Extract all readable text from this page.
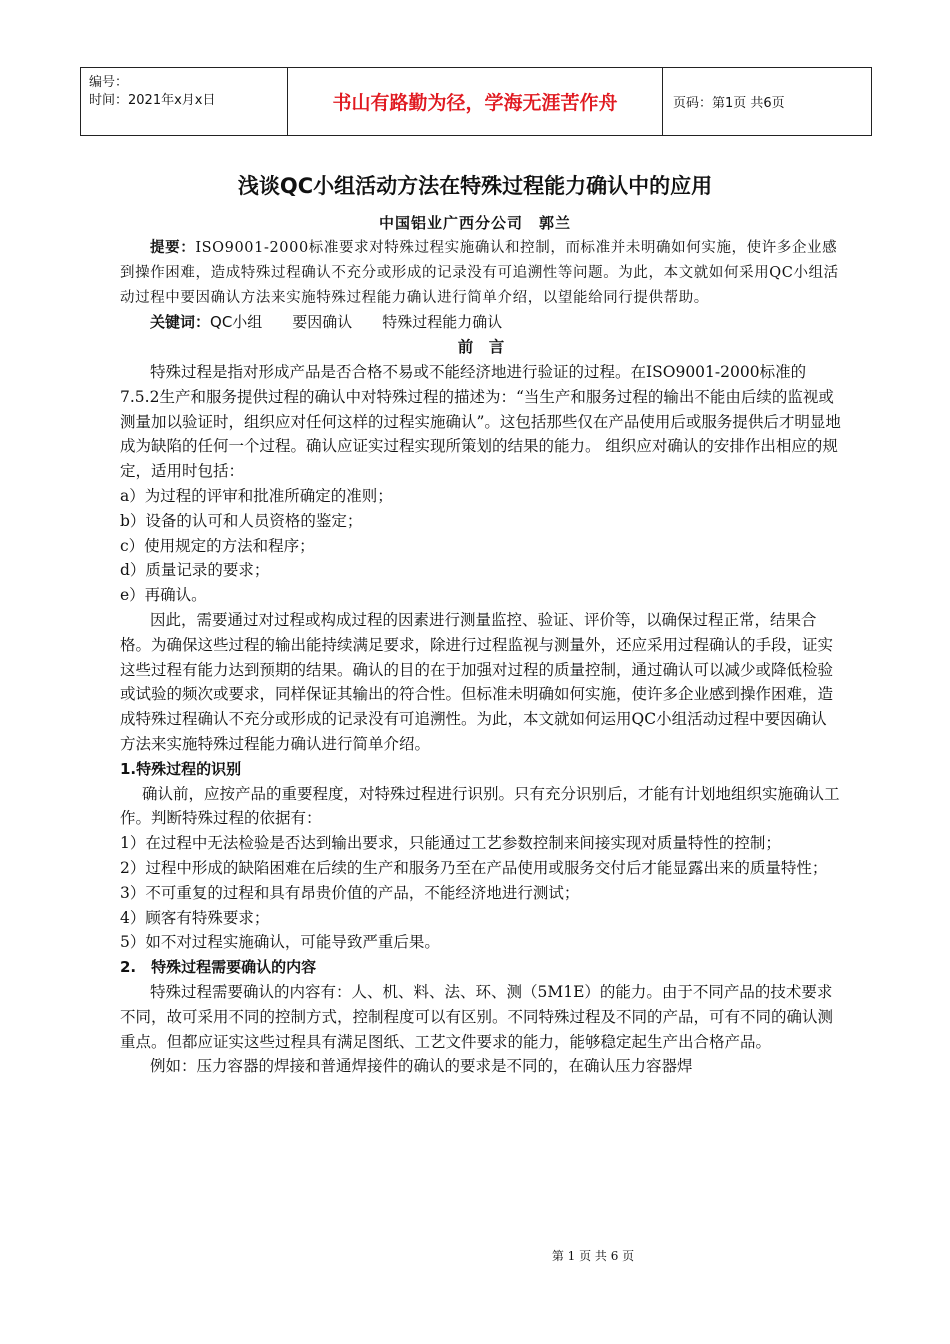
编号：
时间：2021年x月x日	书山有路勤为径，学海无涯苦作舟	页码：第1页 共6页
浅谈QC小组活动方法在特殊过程能力确认中的应用
中国铝业广西分公司　郭兰

提要：ISO9001-2000标准要求对特殊过程实施确认和控制，而标准并未明确如何实施，使许多企业感到操作困难，造成特殊过程确认不充分或形成的记录没有可追溯性等问题。为此，本文就如何采用QC小组活动过程中要因确认方法来实施特殊过程能力确认进行简单介绍，以望能给同行提供帮助。

关键词：QC小组　　要因确认　　特殊过程能力确认

前　言

特殊过程是指对形成产品是否合格不易或不能经济地进行验证的过程。在ISO9001-2000标准的7.5.2生产和服务提供过程的确认中对特殊过程的描述为：“当生产和服务过程的输出不能由后续的监视或测量加以验证时，组织应对任何这样的过程实施确认”。这包括那些仅在产品使用后或服务提供后才明显地成为缺陷的任何一个过程。确认应证实过程实现所策划的结果的能力。 组织应对确认的安排作出相应的规定，适用时包括：

a）为过程的评审和批准所确定的准则；

b）设备的认可和人员资格的鉴定；

c）使用规定的方法和程序；

d）质量记录的要求；

e）再确认。

因此，需要通过对过程或构成过程的因素进行测量监控、验证、评价等，以确保过程正常，结果合格。为确保这些过程的输出能持续满足要求，除进行过程监视与测量外，还应采用过程确认的手段，证实这些过程有能力达到预期的结果。确认的目的在于加强对过程的质量控制，通过确认可以减少或降低检验或试验的频次或要求，同样保证其输出的符合性。但标准未明确如何实施，使许多企业感到操作困难，造成特殊过程确认不充分或形成的记录没有可追溯性。为此，本文就如何运用QC小组活动过程中要因确认方法来实施特殊过程能力确认进行简单介绍。

1.特殊过程的识别

确认前，应按产品的重要程度，对特殊过程进行识别。只有充分识别后，才能有计划地组织实施确认工作。判断特殊过程的依据有：

1）在过程中无法检验是否达到输出要求，只能通过工艺参数控制来间接实现对质量特性的控制；

2）过程中形成的缺陷困难在后续的生产和服务乃至在产品使用或服务交付后才能显露出来的质量特性；

3）不可重复的过程和具有昂贵价值的产品，不能经济地进行测试；

4）顾客有特殊要求；

5）如不对过程实施确认，可能导致严重后果。

2.　特殊过程需要确认的内容

特殊过程需要确认的内容有：人、机、料、法、环、测（5M1E）的能力。由于不同产品的技术要求不同，故可采用不同的控制方式，控制程度可以有区别。不同特殊过程及不同的产品，可有不同的确认测重点。但都应证实这些过程具有满足图纸、工艺文件要求的能力，能够稳定起生产出合格产品。

例如：压力容器的焊接和普通焊接件的确认的要求是不同的，在确认压力容器焊

第 1 页 共 6 页
